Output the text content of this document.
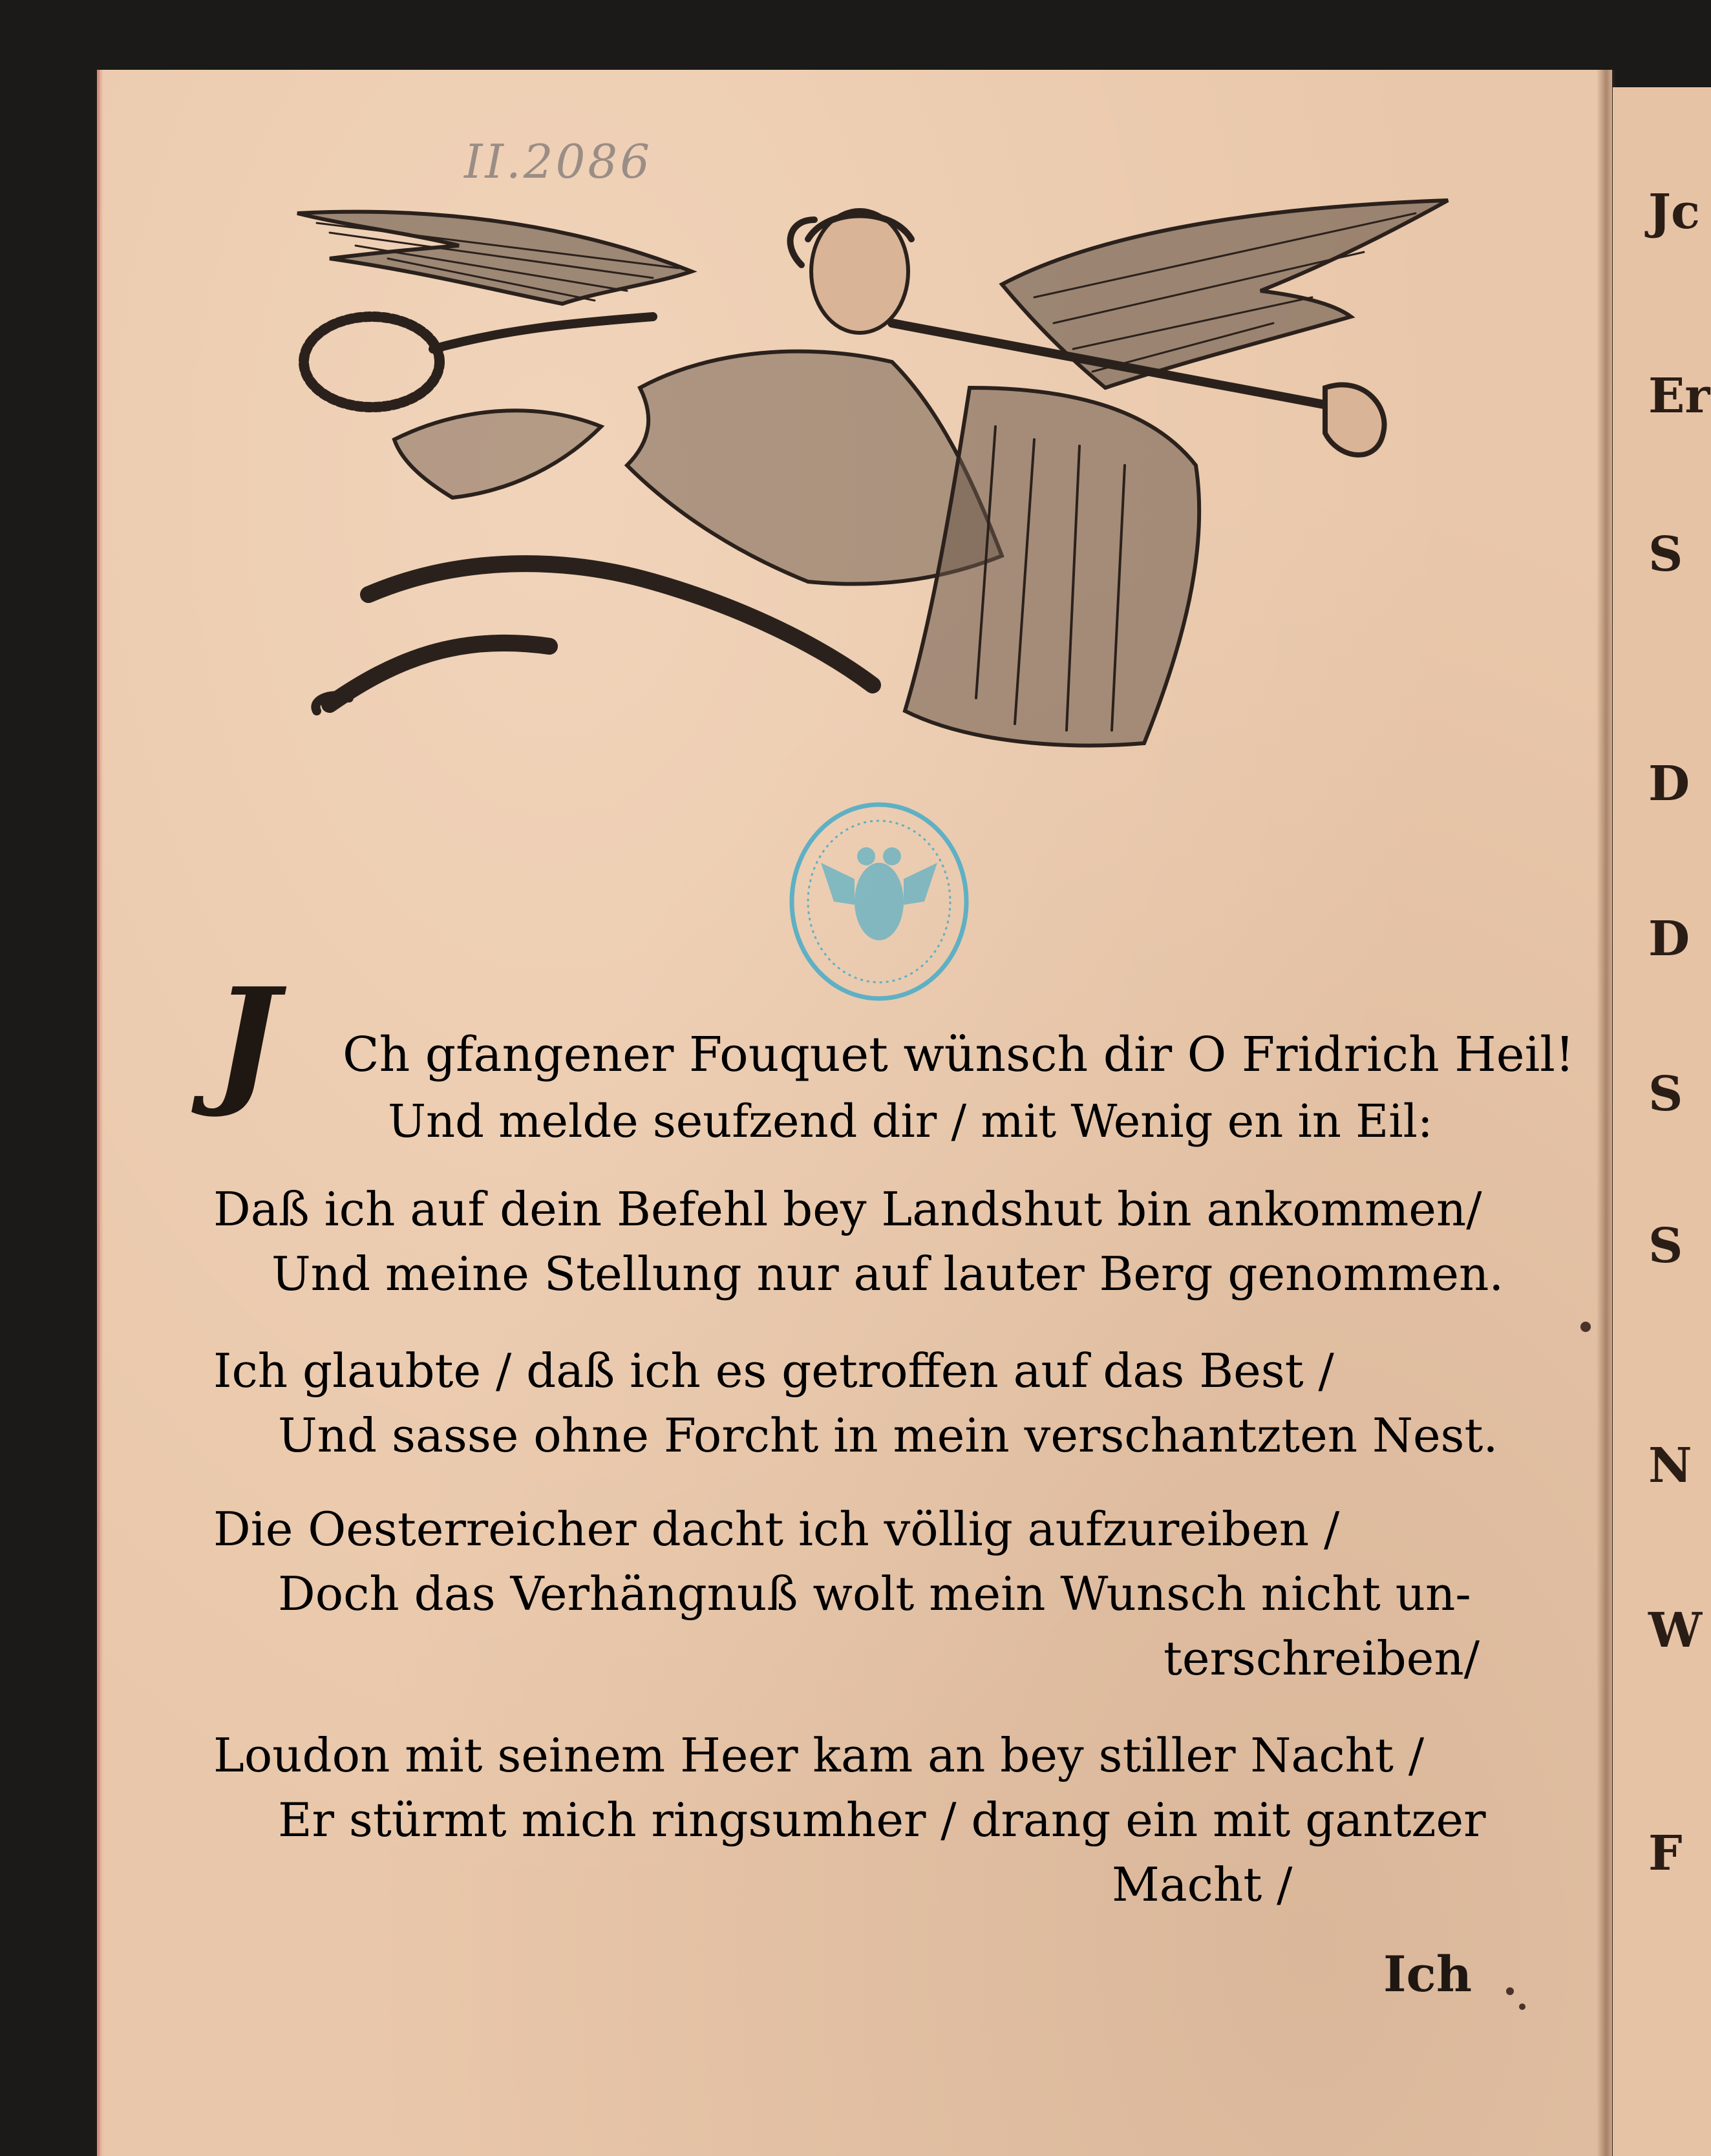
Jc
Er
S
D
D
S
S
N
W
F
II.2086
J	Ch gfangener Fouquet wünsch dir O Fridrich Heil!
Und melde seufzend dir / mit Wenig en in Eil:
Daß ich auf dein Befehl bey Landshut bin ankommen/
Und meine Stellung nur auf lauter Berg genommen.
Ich glaubte / daß ich es getroffen auf das Best /
Und sasse ohne Forcht in mein verschantzten Nest.
Die Oesterreicher dacht ich völlig aufzureiben /
Doch das Verhängnuß wolt mein Wunsch nicht un-
terschreiben/
Loudon mit seinem Heer kam an bey stiller Nacht /
Er stürmt mich ringsumher / drang ein mit gantzer
Macht /
Ich
